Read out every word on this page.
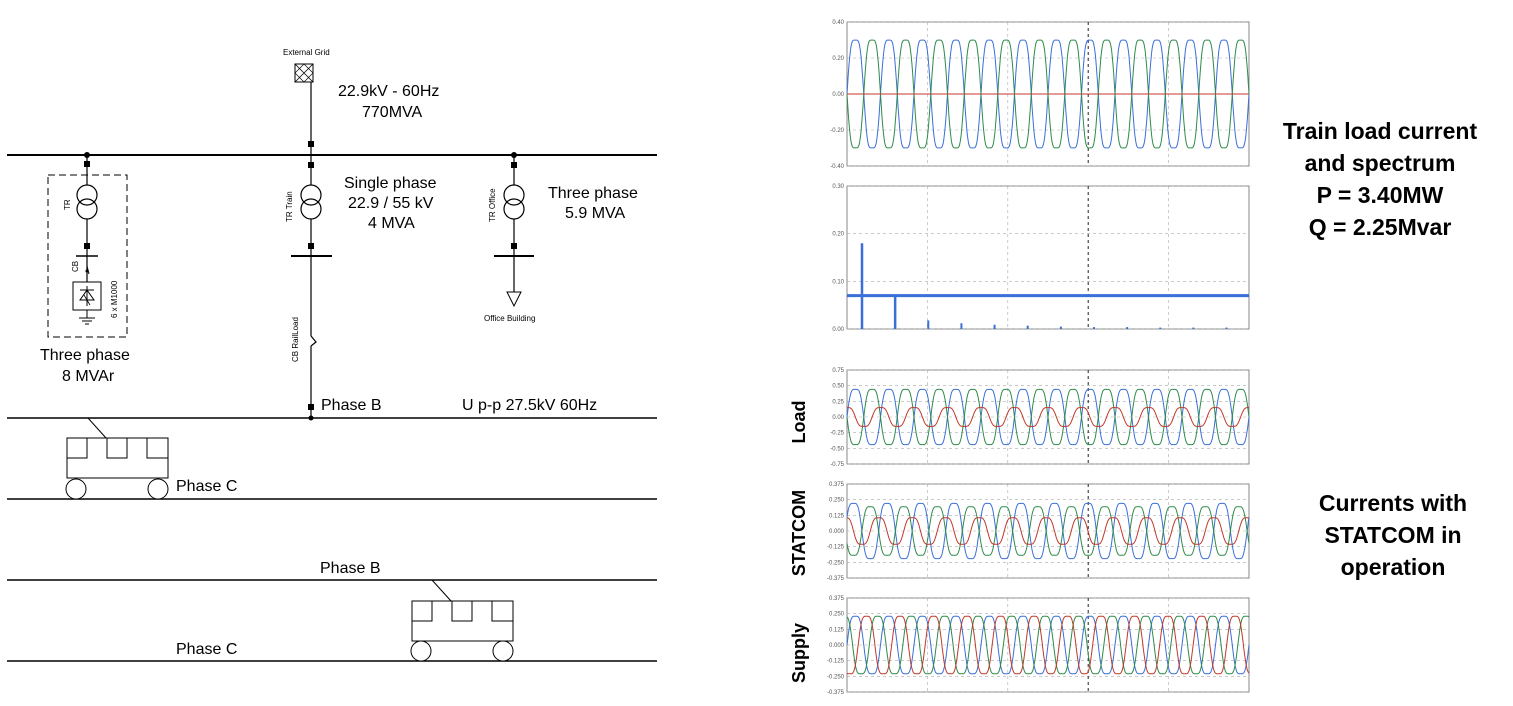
External Grid
22.9kV - 60Hz
770MVA
TR
CB
6 x M1000
Three phase
8 MVAr
TR Train
CB RailLoad
Single phase
22.9 / 55 kV
4 MVA
TR Office
Office Building
Three phase
5.9 MVA
Phase B	U p-p 27.5kV 60Hz
Phase C
Phase B
Phase C
0.40
0.20
0.00
-0.20
-0.40
0.30
0.20
0.10
0.00
0.75
0.50
0.25
0.00
-0.25
-0.50
-0.75
0.375
0.250
0.125
0.000
-0.125
-0.250
-0.375
0.375
0.250
0.125
0.000
-0.125
-0.250
-0.375
Load
STATCOM
Supply
Train load current
and spectrum
P = 3.40MW
Q = 2.25Mvar
Currents with
STATCOM in
operation
